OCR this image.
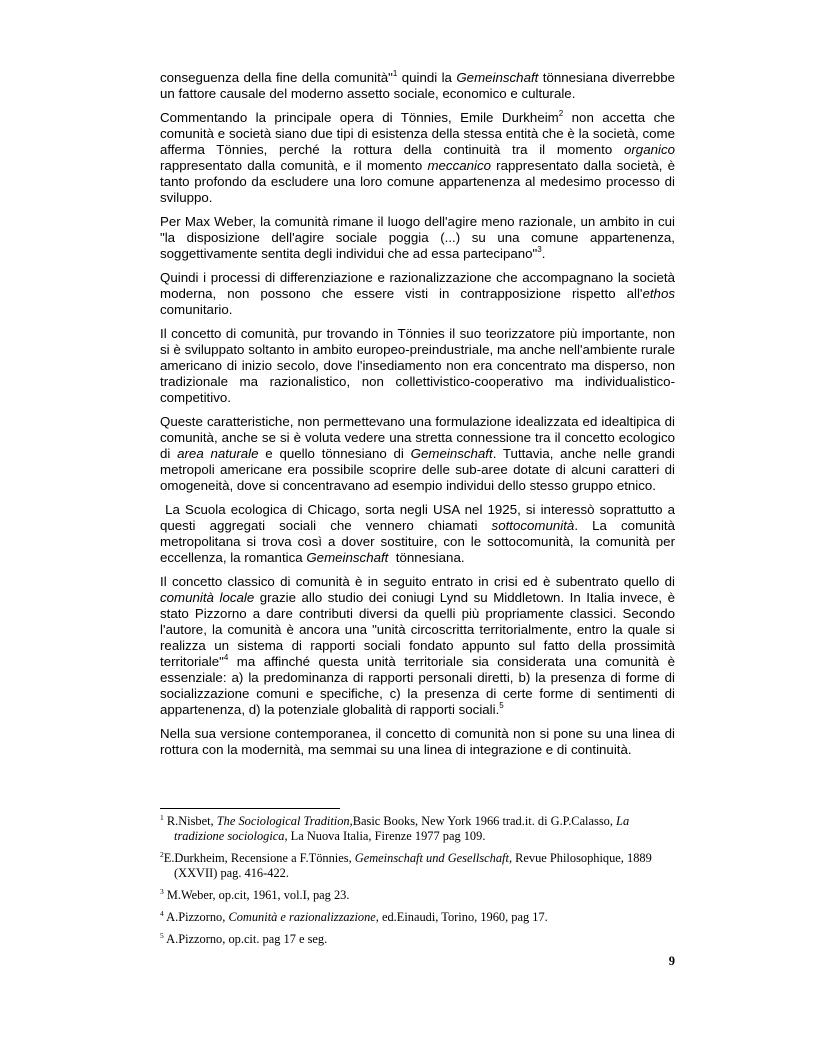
conseguenza della fine della comunità"$^1$ quindi la Gemeinschaft tönnesiana diverrebbe un fattore causale del moderno assetto sociale, economico e culturale.

Commentando la principale opera di Tönnies, Emile Durkheim$^2$ non accetta che comunità e società siano due tipi di esistenza della stessa entità che è la società, come afferma Tönnies, perché la rottura della continuità tra il momento organico rappresentato dalla comunità, e il momento meccanico rappresentato dalla società, è tanto profondo da escludere una loro comune appartenenza al medesimo processo di sviluppo.

Per Max Weber, la comunità rimane il luogo dell'agire meno razionale, un ambito in cui "la disposizione dell'agire sociale poggia (...) su una comune appartenenza, soggettivamente sentita degli individui che ad essa partecipano"$^3$.

Quindi i processi di differenziazione e razionalizzazione che accompagnano la società moderna, non possono che essere visti in contrapposizione rispetto all'ethos comunitario.

Il concetto di comunità, pur trovando in Tönnies il suo teorizzatore più importante, non si è sviluppato soltanto in ambito europeo-preindustriale, ma anche nell'ambiente rurale americano di inizio secolo, dove l'insediamento non era concentrato ma disperso, non tradizionale ma razionalistico, non collettivistico-cooperativo ma individualistico-competitivo.

Queste caratteristiche, non permettevano una formulazione idealizzata ed idealtipica di comunità, anche se si è voluta vedere una stretta connessione tra il concetto ecologico di area naturale e quello tönnesiano di Gemeinschaft. Tuttavia, anche nelle grandi metropoli americane era possibile scoprire delle sub-aree dotate di alcuni caratteri di omogeneità, dove si concentravano ad esempio individui dello stesso gruppo etnico.

La Scuola ecologica di Chicago, sorta negli USA nel 1925, si interessò soprattutto a questi aggregati sociali che vennero chiamati sottocomunità. La comunità metropolitana si trova così a dover sostituire, con le sottocomunità, la comunità per eccellenza, la romantica Gemeinschaft  tönnesiana.

Il concetto classico di comunità è in seguito entrato in crisi ed è subentrato quello di comunità locale grazie allo studio dei coniugi Lynd su Middletown. In Italia invece, è stato Pizzorno a dare contributi diversi da quelli più propriamente classici. Secondo l'autore, la comunità è ancora una "unità circoscritta territorialmente, entro la quale si realizza un sistema di rapporti sociali fondato appunto sul fatto della prossimità territoriale"$^4$ ma affinché questa unità territoriale sia considerata una comunità è essenziale: a) la predominanza di rapporti personali diretti, b) la presenza di forme di socializzazione comuni e specifiche, c) la presenza di certe forme di sentimenti di appartenenza, d) la potenziale globalità di rapporti sociali.$^5$

Nella sua versione contemporanea, il concetto di comunità non si pone su una linea di rottura con la modernità, ma semmai su una linea di integrazione e di continuità.

$^1$ R.Nisbet, The Sociological Tradition,Basic Books, New York 1966 trad.it. di G.P.Calasso, La tradizione sociologica, La Nuova Italia, Firenze 1977 pag 109.

$^2$E.Durkheim, Recensione a F.Tönnies, Gemeinschaft und Gesellschaft, Revue Philosophique, 1889 (XXVII) pag. 416-422.

$^3$ M.Weber, op.cit, 1961, vol.I, pag 23.

$^4$ A.Pizzorno, Comunità e razionalizzazione, ed.Einaudi, Torino, 1960, pag 17.

$^5$ A.Pizzorno, op.cit. pag 17 e seg.

9
